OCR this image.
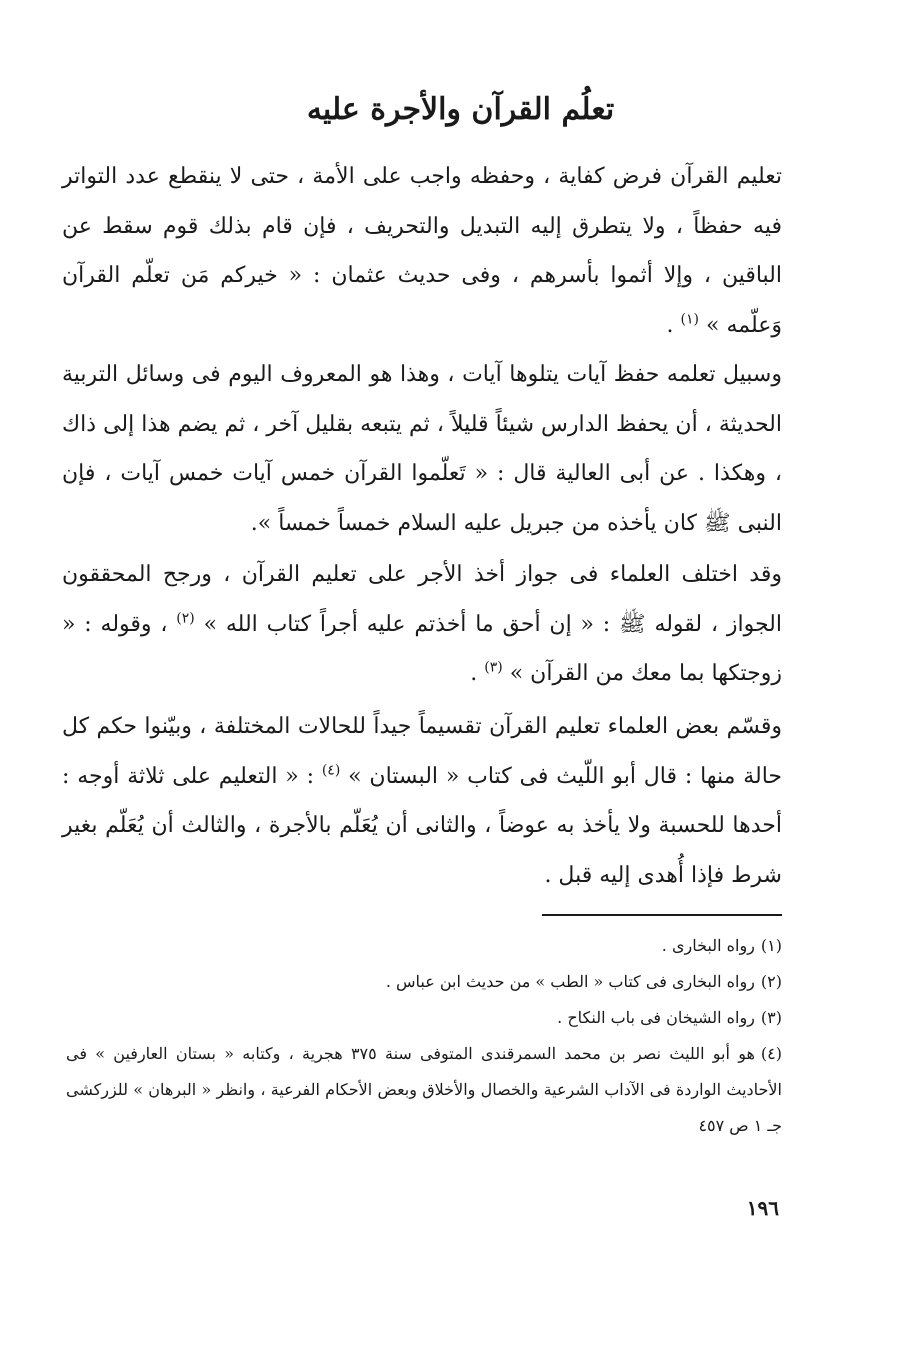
تعلُم القرآن والأجرة عليه

تعليم القرآن فرض كفاية ، وحفظه واجب على الأمة ، حتى لا ينقطع عدد التواتر فيه حفظاً ، ولا يتطرق إليه التبديل والتحريف ، فإن قام بذلك قوم سقط عن الباقين ، وإلا أثموا بأسرهم ، وفى حديث عثمان : « خيركم مَن تعلّم القرآن وَعلّمه » $^{(١)}$ .

وسبيل تعلمه حفظ آيات يتلوها آيات ، وهذا هو المعروف اليوم فى وسائل التربية الحديثة ، أن يحفظ الدارس شيئاً قليلاً ، ثم يتبعه بقليل آخر ، ثم يضم هذا إلى ذاك ، وهكذا . عن أبى العالية قال : « تَعلّموا القرآن خمس آيات خمس آيات ، فإن النبى ﷺ كان يأخذه من جبريل عليه السلام خمساً خمساً ».

وقد اختلف العلماء فى جواز أخذ الأجر على تعليم القرآن ، ورجح المحققون الجواز ، لقوله ﷺ : « إن أحق ما أخذتم عليه أجراً كتاب الله » $^{(٢)}$ ، وقوله : « زوجتكها بما معك من القرآن » $^{(٣)}$ .

وقسّم بعض العلماء تعليم القرآن تقسيماً جيداً للحالات المختلفة ، وبيّنوا حكم كل حالة منها : قال أبو اللّيث فى كتاب « البستان » $^{(٤)}$ : « التعليم على ثلاثة أوجه : أحدها للحسبة ولا يأخذ به عوضاً ، والثانى أن يُعَلّم بالأجرة ، والثالث أن يُعَلّم بغير شرط فإذا أُهدى إليه قبل .

(١)رواه البخارى .
(٢)رواه البخارى فى كتاب « الطب » من حديث ابن عباس .
(٣)رواه الشيخان فى باب النكاح .
(٤)هو أبو الليث نصر بن محمد السمرقندى المتوفى سنة ٣٧٥ هجرية ، وكتابه « بستان العارفين » فى الأحاديث الواردة فى الآداب الشرعية والخصال والأخلاق وبعض الأحكام الفرعية ، وانظر « البرهان » للزركشى جـ ١ ص ٤٥٧

١٩٦
